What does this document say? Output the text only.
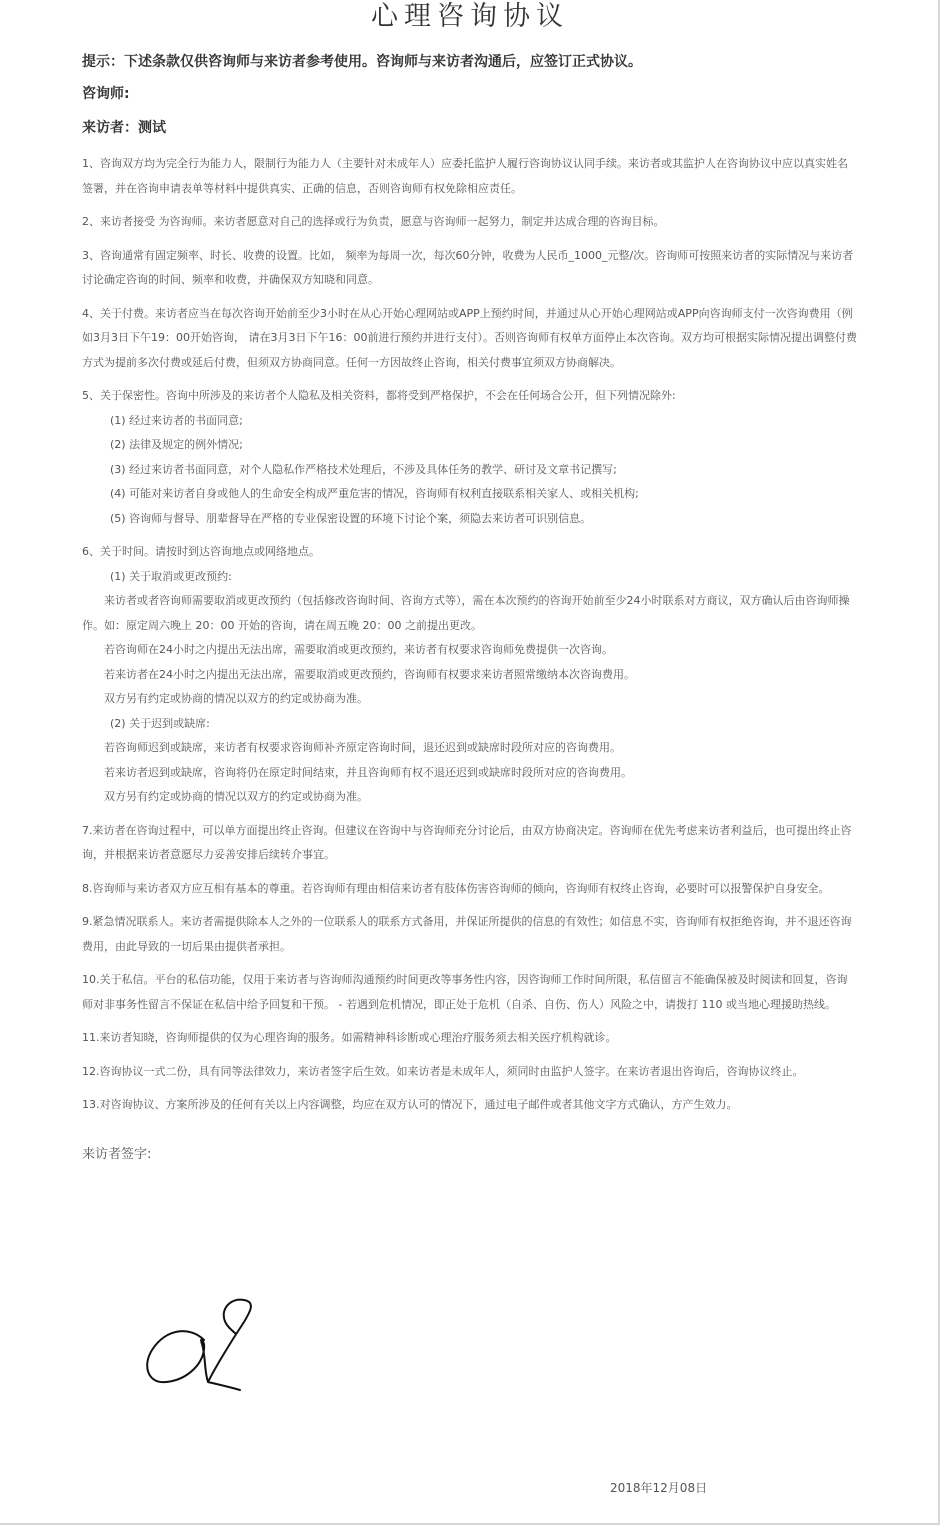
心理咨询协议

提示：下述条款仅供咨询师与来访者参考使用。咨询师与来访者沟通后，应签订正式协议。

咨询师:

来访者：测试

1、咨询双方均为完全行为能力人，限制行为能力人（主要针对未成年人）应委托监护人履行咨询协议认同手续。来访者或其监护人在咨询协议中应以真实姓名签署，并在咨询申请表单等材料中提供真实、正确的信息，否则咨询师有权免除相应责任。

2、来访者接受 为咨询师。来访者愿意对自己的选择或行为负责，愿意与咨询师一起努力，制定并达成合理的咨询目标。

3、咨询通常有固定频率、时长、收费的设置。比如， 频率为每周一次，每次60分钟，收费为人民币_1000_元整/次。咨询师可按照来访者的实际情况与来访者讨论确定咨询的时间、频率和收费，并确保双方知晓和同意。

4、关于付费。来访者应当在每次咨询开始前至少3小时在从心开始心理网站或APP上预约时间，并通过从心开始心理网站或APP向咨询师支付一次咨询费用（例如3月3日下午19：00开始咨询， 请在3月3日下午16：00前进行预约并进行支付）。否则咨询师有权单方面停止本次咨询。双方均可根据实际情况提出调整付费方式为提前多次付费或延后付费，但须双方协商同意。任何一方因故终止咨询，相关付费事宜须双方协商解决。

5、关于保密性。咨询中所涉及的来访者个人隐私及相关资料，都将受到严格保护，不会在任何场合公开，但下列情况除外:

(1) 经过来访者的书面同意;

(2) 法律及规定的例外情况;

(3) 经过来访者书面同意，对个人隐私作严格技术处理后，不涉及具体任务的教学、研讨及文章书记撰写;

(4) 可能对来访者自身或他人的生命安全构成严重危害的情况，咨询师有权利直接联系相关家人、或相关机构;

(5) 咨询师与督导、朋辈督导在严格的专业保密设置的环境下讨论个案，须隐去来访者可识别信息。

6、关于时间。请按时到达咨询地点或网络地点。

(1) 关于取消或更改预约:

来访者或者咨询师需要取消或更改预约（包括修改咨询时间、咨询方式等），需在本次预约的咨询开始前至少24小时联系对方商议，双方确认后由咨询师操作。如：原定周六晚上 20：00 开始的咨询，请在周五晚 20：00 之前提出更改。

若咨询师在24小时之内提出无法出席，需要取消或更改预约，来访者有权要求咨询师免费提供一次咨询。

若来访者在24小时之内提出无法出席，需要取消或更改预约，咨询师有权要求来访者照常缴纳本次咨询费用。

双方另有约定或协商的情况以双方的约定或协商为准。

(2) 关于迟到或缺席:

若咨询师迟到或缺席，来访者有权要求咨询师补齐原定咨询时间，退还迟到或缺席时段所对应的咨询费用。

若来访者迟到或缺席，咨询将仍在原定时间结束，并且咨询师有权不退还迟到或缺席时段所对应的咨询费用。

双方另有约定或协商的情况以双方的约定或协商为准。

7.来访者在咨询过程中，可以单方面提出终止咨询。但建议在咨询中与咨询师充分讨论后，由双方协商决定。咨询师在优先考虑来访者利益后，也可提出终止咨询，并根据来访者意愿尽力妥善安排后续转介事宜。

8.咨询师与来访者双方应互相有基本的尊重。若咨询师有理由相信来访者有肢体伤害咨询师的倾向，咨询师有权终止咨询，必要时可以报警保护自身安全。

9.紧急情况联系人。来访者需提供除本人之外的一位联系人的联系方式备用，并保证所提供的信息的有效性；如信息不实，咨询师有权拒绝咨询，并不退还咨询费用，由此导致的一切后果由提供者承担。

10.关于私信。平台的私信功能，仅用于来访者与咨询师沟通预约时间更改等事务性内容，因咨询师工作时间所限，私信留言不能确保被及时阅读和回复，咨询师对非事务性留言不保证在私信中给予回复和干预。 - 若遇到危机情况，即正处于危机（自杀、自伤、伤人）风险之中，请拨打 110 或当地心理援助热线。

11.来访者知晓，咨询师提供的仅为心理咨询的服务。如需精神科诊断或心理治疗服务须去相关医疗机构就诊。

12.咨询协议一式二份，具有同等法律效力，来访者签字后生效。如来访者是未成年人，须同时由监护人签字。在来访者退出咨询后，咨询协议终止。

13.对咨询协议、方案所涉及的任何有关以上内容调整，均应在双方认可的情况下，通过电子邮件或者其他文字方式确认，方产生效力。

来访者签字:

2018年12月08日
